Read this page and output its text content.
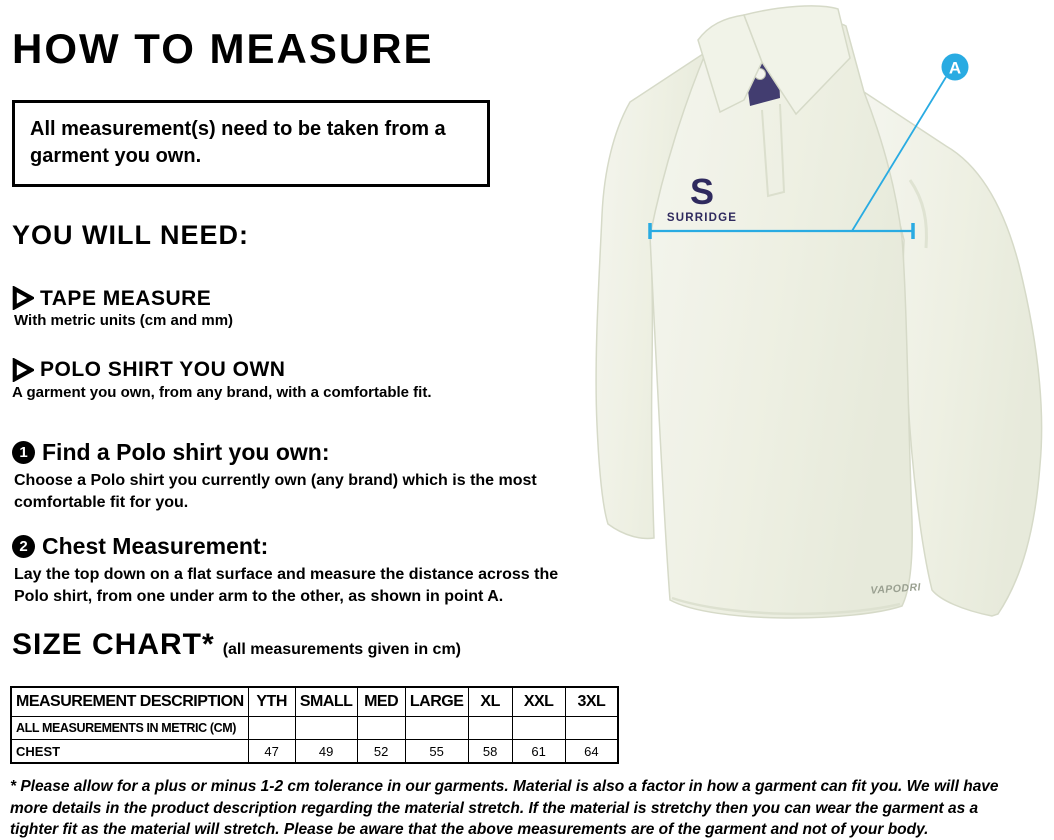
HOW TO MEASURE

All measurement(s) need to be taken from a garment you own.

YOU WILL NEED:
TAPE MEASURE
With metric units (cm and mm)
POLO SHIRT YOU OWN
A garment you own, from any brand, with a comfortable fit.
1 Find a Polo shirt you own:
Choose a Polo shirt you currently own (any brand) which is the most comfortable fit for you.
2 Chest Measurement:
Lay the top down on a flat surface and measure the distance across the Polo shirt, from one under arm to the other, as shown in point A.
SIZE CHART* (all measurements given in cm)
MEASUREMENT DESCRIPTION	YTH	SMALL	MED	LARGE	XL	XXL	3XL
ALL MEASUREMENTS IN METRIC (CM)							
CHEST	47	49	52	55	58	61	64

* Please allow for a plus or minus 1-2 cm tolerance in our garments. Material is also a factor in how a garment can fit you. We will have more details in the product description regarding the material stretch. If the material is stretchy then you can wear the garment as a tighter fit as the material will stretch. Please be aware that the above measurements are of the garment and not of your body.

S
SURRIDGE
VAPODRI
A
